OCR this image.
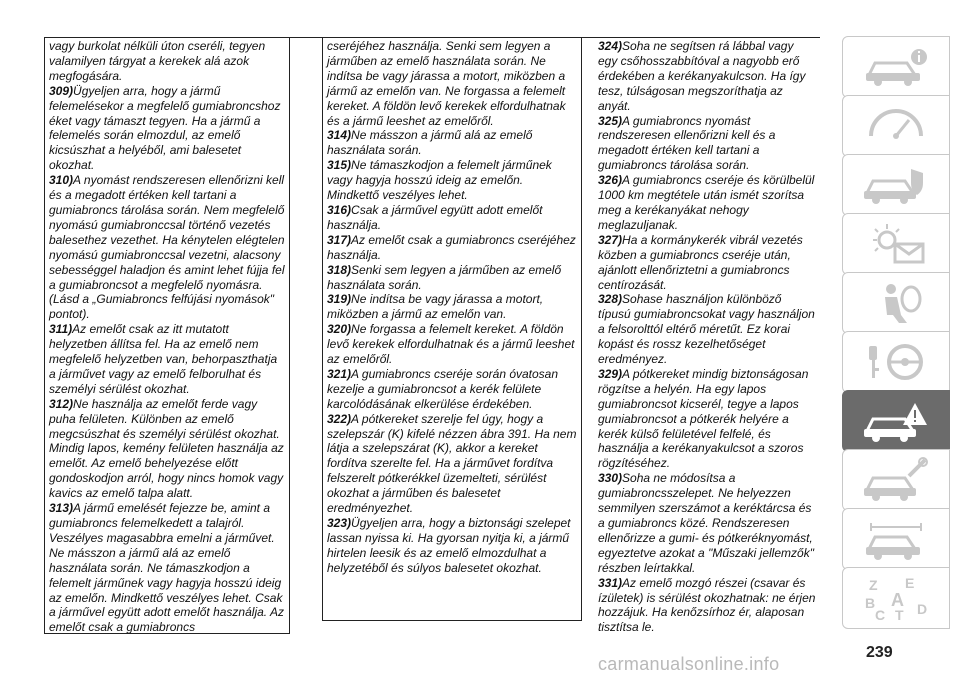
vagy burkolat nélküli úton cseréli, tegyen valamilyen tárgyat a kerekek alá azok megfogására.

309)Ügyeljen arra, hogy a jármű felemelésekor a megfelelő gumiabroncshoz éket vagy támaszt tegyen. Ha a jármű a felemelés során elmozdul, az emelő kicsúszhat a helyéből, ami balesetet okozhat.

310)A nyomást rendszeresen ellenőrizni kell és a megadott értéken kell tartani a gumiabroncs tárolása során. Nem megfelelő nyomású gumiabronccsal történő vezetés balesethez vezethet. Ha kénytelen elégtelen nyomású gumiabronccsal vezetni, alacsony sebességgel haladjon és amint lehet fújja fel a gumiabroncsot a megfelelő nyomásra. (Lásd a „Gumiabroncs felfújási nyomások" pontot).

311)Az emelőt csak az itt mutatott helyzetben állítsa fel. Ha az emelő nem megfelelő helyzetben van, behorpaszthatja a járművet vagy az emelő felborulhat és személyi sérülést okozhat.

312)Ne használja az emelőt ferde vagy puha felületen. Különben az emelő megcsúszhat és személyi sérülést okozhat. Mindig lapos, kemény felületen használja az emelőt. Az emelő behelyezése előtt gondoskodjon arról, hogy nincs homok vagy kavics az emelő talpa alatt.

313)A jármű emelését fejezze be, amint a gumiabroncs felemelkedett a talajról. Veszélyes magasabbra emelni a járművet. Ne másszon a jármű alá az emelő használata során. Ne támaszkodjon a felemelt járműnek vagy hagyja hosszú ideig az emelőn. Mindkettő veszélyes lehet. Csak a járművel együtt adott emelőt használja. Az emelőt csak a gumiabroncs

cseréjéhez használja. Senki sem legyen a járműben az emelő használata során. Ne indítsa be vagy járassa a motort, miközben a jármű az emelőn van. Ne forgassa a felemelt kereket. A földön levő kerekek elfordulhatnak és a jármű leeshet az emelőről.

314)Ne másszon a jármű alá az emelő használata során.

315)Ne támaszkodjon a felemelt járműnek vagy hagyja hosszú ideig az emelőn. Mindkettő veszélyes lehet.

316)Csak a járművel együtt adott emelőt használja.

317)Az emelőt csak a gumiabroncs cseréjéhez használja.

318)Senki sem legyen a járműben az emelő használata során.

319)Ne indítsa be vagy járassa a motort, miközben a jármű az emelőn van.

320)Ne forgassa a felemelt kereket. A földön levő kerekek elfordulhatnak és a jármű leeshet az emelőről.

321)A gumiabroncs cseréje során óvatosan kezelje a gumiabroncsot a kerék felülete karcolódásának elkerülése érdekében.

322)A pótkereket szerelje fel úgy, hogy a szelepszár (K) kifelé nézzen ábra 391. Ha nem látja a szelepszárat (K), akkor a kereket fordítva szerelte fel. Ha a járművet fordítva felszerelt pótkerékkel üzemelteti, sérülést okozhat a járműben és balesetet eredményezhet.

323)Ügyeljen arra, hogy a biztonsági szelepet lassan nyissa ki. Ha gyorsan nyitja ki, a jármű hirtelen leesik és az emelő elmozdulhat a helyzetéből és súlyos balesetet okozhat.

324)Soha ne segítsen rá lábbal vagy egy csőhosszabbítóval a nagyobb erő érdekében a kerékanyakulcson. Ha így tesz, túlságosan megszoríthatja az anyát.

325)A gumiabroncs nyomást rendszeresen ellenőrizni kell és a megadott értéken kell tartani a gumiabroncs tárolása során.

326)A gumiabroncs cseréje és körülbelül 1000 km megtétele után ismét szorítsa meg a kerékanyákat nehogy meglazuljanak.

327)Ha a kormánykerék vibrál vezetés közben a gumiabroncs cseréje után, ajánlott ellenőriztetni a gumiabroncs centírozását.

328)Sohase használjon különböző típusú gumiabroncsokat vagy használjon a felsorolttól eltérő méretűt. Ez korai kopást és rossz kezelhetőséget eredményez.

329)A pótkereket mindig biztonságosan rögzítse a helyén. Ha egy lapos gumiabroncsot kicserél, tegye a lapos gumiabroncsot a pótkerék helyére a kerék külső felületével felfelé, és használja a kerékanyakulcsot a szoros rögzítéséhez.

330)Soha ne módosítsa a gumiabroncsszelepet. Ne helyezzen semmilyen szerszámot a keréktárcsa és a gumiabroncs közé. Rendszeresen ellenőrizze a gumi- és pótkeréknyomást, egyeztetve azokat a "Műszaki jellemzők" részben leírtakkal.

331)Az emelő mozgó részei (csavar és ízületek) is sérülést okozhatnak: ne érjen hozzájuk. Ha kenőzsírhoz ér, alaposan tisztítsa le.

Z E
B A
C T D
239
carmanualsonline.info
